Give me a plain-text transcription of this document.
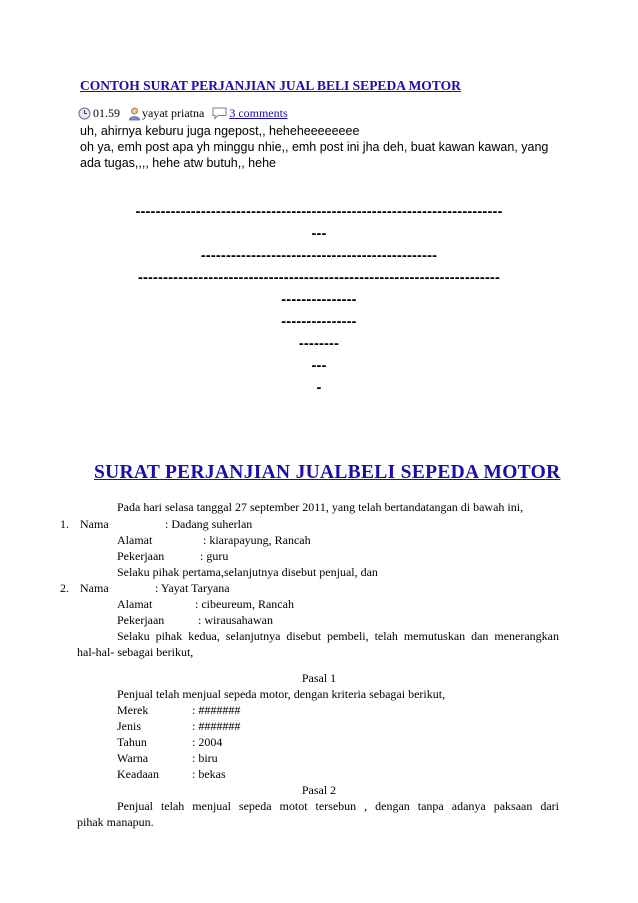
CONTOH SURAT PERJANJIAN JUAL BELI SEPEDA MOTOR
01.59 yayat priatna 3 comments
uh, ahirnya keburu juga ngepost,, heheheeeeeeee
oh ya, emh post apa yh minggu nhie,, emh post ini jha deh, buat kawan kawan, yang
ada tugas,,,, hehe atw butuh,, hehe
-------------------------------------------------------------------------
---
-----------------------------------------------
------------------------------------------------------------------------
---------------
---------------
--------
---
-
SURAT PERJANJIAN JUALBELI SEPEDA MOTOR
Pada hari selasa tanggal 27 september 2011, yang telah bertandatangan di bawah ini,
1. Nama	: Dadang suherlan
Alamat	: kiarapayung, Rancah
Pekerjaan	: guru
Selaku pihak pertama,selanjutnya disebut penjual, dan
2. Nama	: Yayat Taryana
Alamat	: cibeureum, Rancah
Pekerjaan	: wirausahawan
Selaku pihak kedua, selanjutnya disebut pembeli, telah memutuskan dan menerangkan
hal-hal- sebagai berikut,
Pasal 1
Penjual telah menjual sepeda motor, dengan kriteria sebagai berikut,
Merek	: #######
Jenis	: #######
Tahun	: 2004
Warna	: biru
Keadaan	: bekas
Pasal 2
Penjual telah menjual sepeda motot tersebun , dengan tanpa adanya paksaan dari
pihak manapun.
